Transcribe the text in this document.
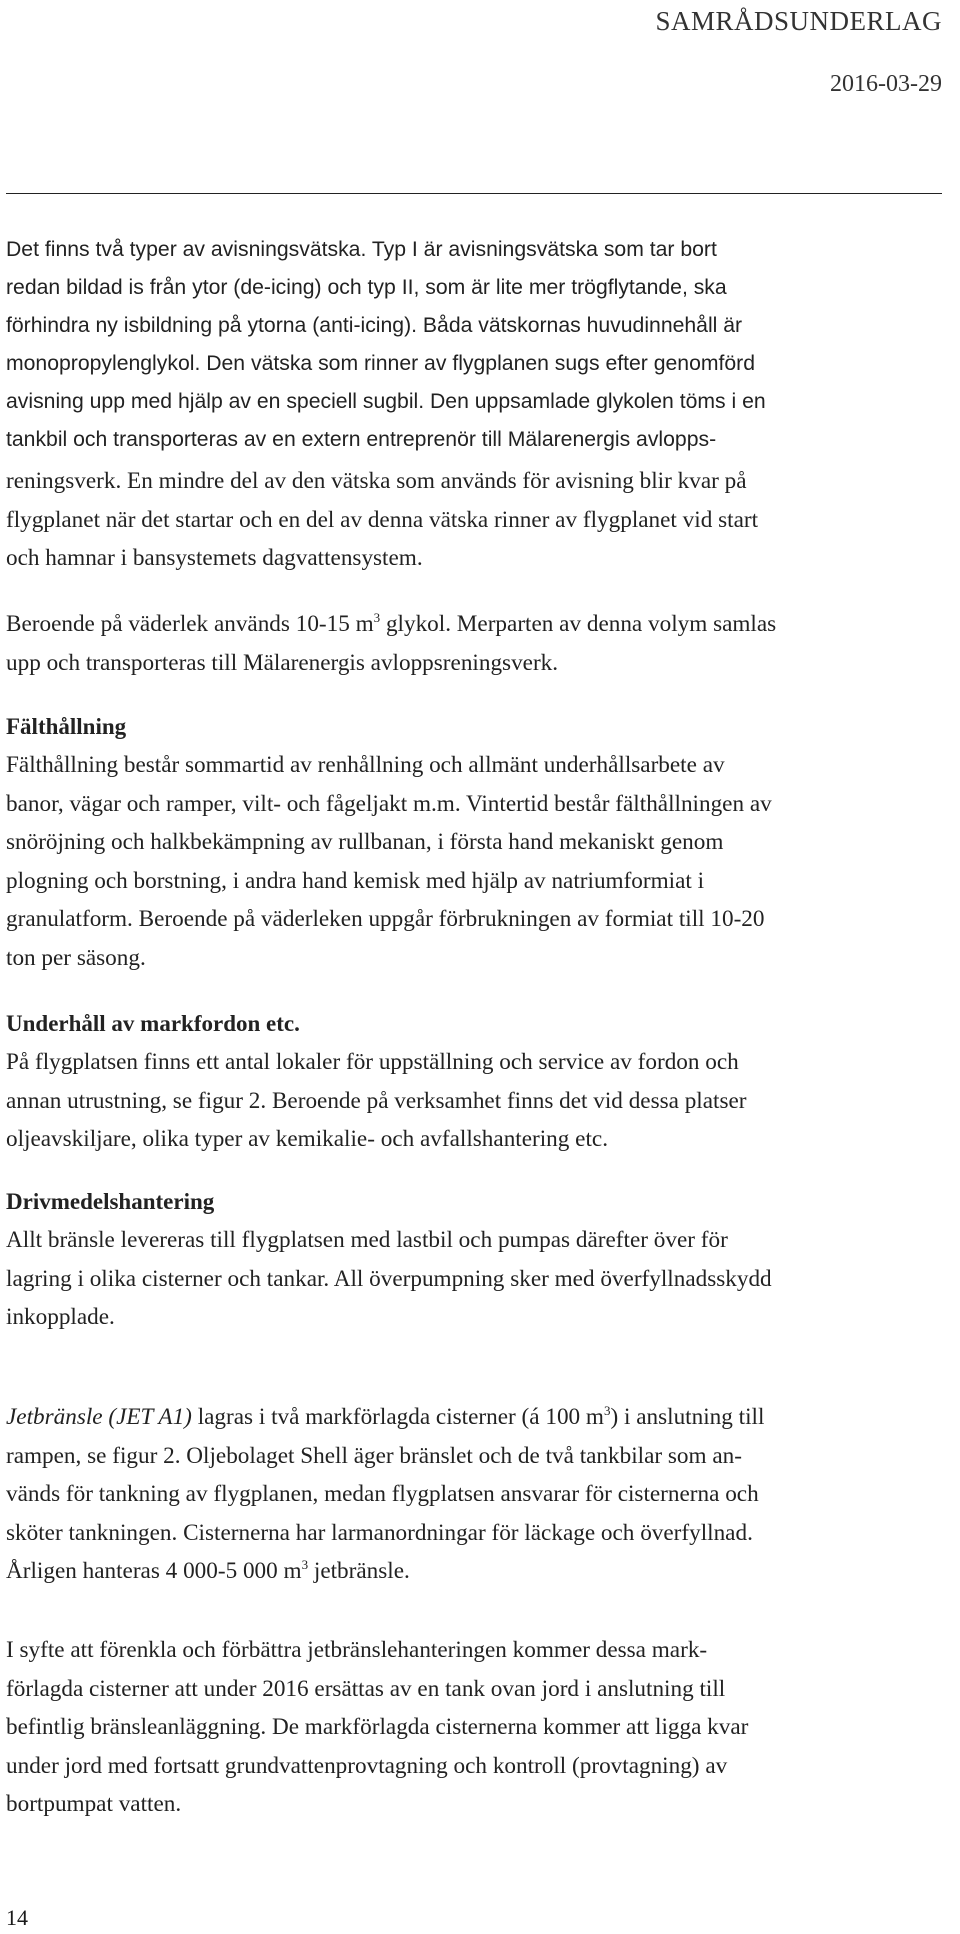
SAMRÅDSUNDERLAG
2016-03-29
Det finns två typer av avisningsvätska. Typ I är avisningsvätska som tar bort
redan bildad is från ytor (de-icing) och typ II, som är lite mer trögflytande, ska
förhindra ny isbildning på ytorna (anti-icing). Båda vätskornas huvudinnehåll är
monopropylenglykol. Den vätska som rinner av flygplanen sugs efter genomförd
avisning upp med hjälp av en speciell sugbil. Den uppsamlade glykolen töms i en
tankbil och transporteras av en extern entreprenör till Mälarenergis avlopps-
reningsverk. En mindre del av den vätska som används för avisning blir kvar på
flygplanet när det startar och en del av denna vätska rinner av flygplanet vid start
och hamnar i bansystemets dagvattensystem.
Beroende på väderlek används 10-15 $m^3$ glykol. Merparten av denna volym samlas
upp och transporteras till Mälarenergis avloppsreningsverk.
Fälthållning
Fälthållning består sommartid av renhållning och allmänt underhållsarbete av
banor, vägar och ramper, vilt- och fågeljakt m.m. Vintertid består fälthållningen av
snöröjning och halkbekämpning av rullbanan, i första hand mekaniskt genom
plogning och borstning, i andra hand kemisk med hjälp av natriumformiat i
granulatform. Beroende på väderleken uppgår förbrukningen av formiat till 10-20
ton per säsong.
Underhåll av markfordon etc.
På flygplatsen finns ett antal lokaler för uppställning och service av fordon och
annan utrustning, se figur 2. Beroende på verksamhet finns det vid dessa platser
oljeavskiljare, olika typer av kemikalie- och avfallshantering etc.
Drivmedelshantering
Allt bränsle levereras till flygplatsen med lastbil och pumpas därefter över för
lagring i olika cisterner och tankar. All överpumpning sker med överfyllnadsskydd
inkopplade.
Jetbränsle (JET A1) lagras i två markförlagda cisterner (á 100 $m^3$) i anslutning till
rampen, se figur 2. Oljebolaget Shell äger bränslet och de två tankbilar som an-
vänds för tankning av flygplanen, medan flygplatsen ansvarar för cisternerna och
sköter tankningen. Cisternerna har larmanordningar för läckage och överfyllnad.
Årligen hanteras 4 000-5 000 $m^3$ jetbränsle.
I syfte att förenkla och förbättra jetbränslehanteringen kommer dessa mark-
förlagda cisterner att under 2016 ersättas av en tank ovan jord i anslutning till
befintlig bränsleanläggning. De markförlagda cisternerna kommer att ligga kvar
under jord med fortsatt grundvattenprovtagning och kontroll (provtagning) av
bortpumpat vatten.
14
